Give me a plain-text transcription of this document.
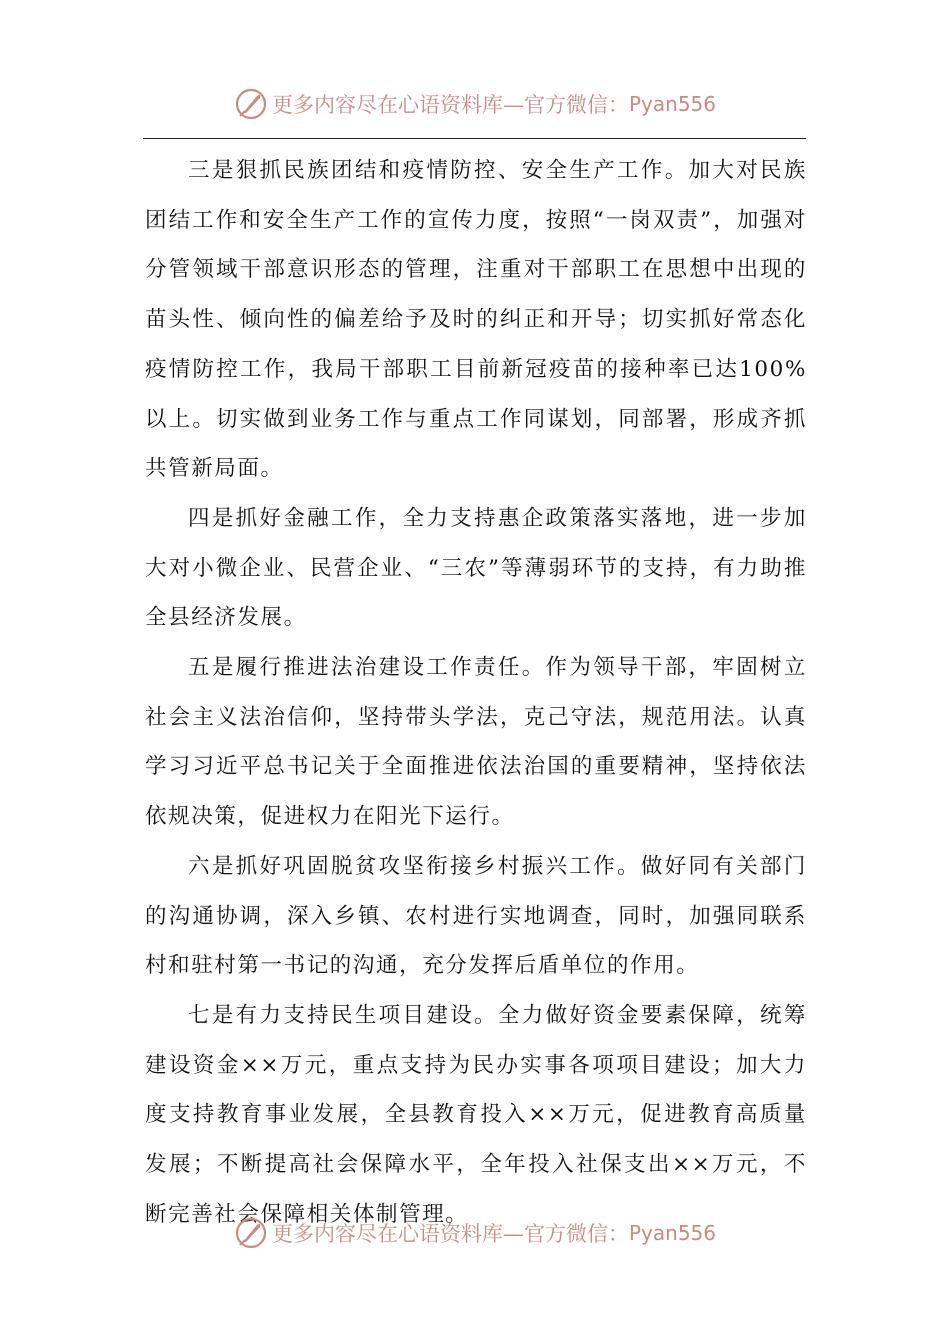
更多内容尽在心语资料库—官方微信： Pyan556

三是狠抓民族团结和疫情防控、安全生产工作。加大对民族团结工作和安全生产工作的宣传力度，按照“一岗双责”，加强对分管领域干部意识形态的管理，注重对干部职工在思想中出现的苗头性、倾向性的偏差给予及时的纠正和开导；切实抓好常态化疫情防控工作，我局干部职工目前新冠疫苗的接种率已达100%以上。切实做到业务工作与重点工作同谋划，同部署，形成齐抓共管新局面。

四是抓好金融工作，全力支持惠企政策落实落地，进一步加大对小微企业、民营企业、“三农”等薄弱环节的支持，有力助推全县经济发展。

五是履行推进法治建设工作责任。作为领导干部，牢固树立社会主义法治信仰，坚持带头学法，克己守法，规范用法。认真学习习近平总书记关于全面推进依法治国的重要精神，坚持依法依规决策，促进权力在阳光下运行。

六是抓好巩固脱贫攻坚衔接乡村振兴工作。做好同有关部门的沟通协调，深入乡镇、农村进行实地调查，同时，加强同联系村和驻村第一书记的沟通，充分发挥后盾单位的作用。

七是有力支持民生项目建设。全力做好资金要素保障，统筹建设资金××万元，重点支持为民办实事各项项目建设；加大力度支持教育事业发展，全县教育投入××万元，促进教育高质量发展；不断提高社会保障水平，全年投入社保支出××万元，不断完善社会保障相关体制管理。

更多内容尽在心语资料库—官方微信： Pyan556
